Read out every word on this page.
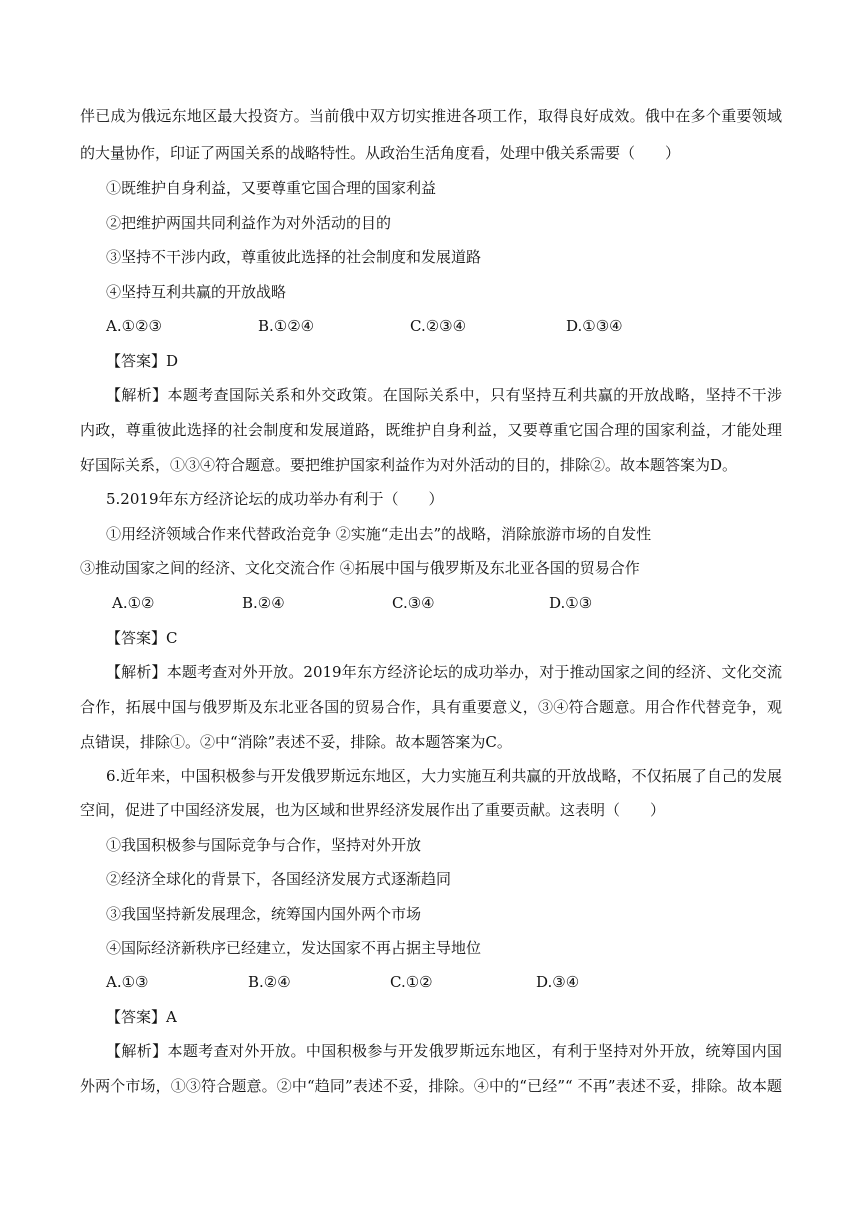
伴已成为俄远东地区最大投资方。当前俄中双方切实推进各项工作，取得良好成效。俄中在多个重要领域
的大量协作，印证了两国关系的战略特性。从政治生活角度看，处理中俄关系需要（　　）
①既维护自身利益，又要尊重它国合理的国家利益
②把维护两国共同利益作为对外活动的目的
③坚持不干涉内政，尊重彼此选择的社会制度和发展道路
④坚持互利共赢的开放战略
A.①②③	B.①②④	C.②③④	D.①③④
【答案】D
【解析】本题考查国际关系和外交政策。在国际关系中，只有坚持互利共赢的开放战略，坚持不干涉
内政，尊重彼此选择的社会制度和发展道路，既维护自身利益，又要尊重它国合理的国家利益，才能处理
好国际关系，①③④符合题意。要把维护国家利益作为对外活动的目的，排除②。故本题答案为D。
5.2019年东方经济论坛的成功举办有利于（　　）
①用经济领域合作来代替政治竞争 ②实施“走出去”的战略，消除旅游市场的自发性
③推动国家之间的经济、文化交流合作 ④拓展中国与俄罗斯及东北亚各国的贸易合作
A.①②	B.②④	C.③④	D.①③
【答案】C
【解析】本题考查对外开放。2019年东方经济论坛的成功举办，对于推动国家之间的经济、文化交流
合作，拓展中国与俄罗斯及东北亚各国的贸易合作，具有重要意义，③④符合题意。用合作代替竞争，观
点错误，排除①。②中“消除”表述不妥，排除。故本题答案为C。
6.近年来，中国积极参与开发俄罗斯远东地区，大力实施互利共赢的开放战略，不仅拓展了自己的发展
空间，促进了中国经济发展，也为区域和世界经济发展作出了重要贡献。这表明（　　）
①我国积极参与国际竞争与合作，坚持对外开放
②经济全球化的背景下，各国经济发展方式逐渐趋同
③我国坚持新发展理念，统筹国内国外两个市场
④国际经济新秩序已经建立，发达国家不再占据主导地位
A.①③	B.②④	C.①②	D.③④
【答案】A
【解析】本题考查对外开放。中国积极参与开发俄罗斯远东地区，有利于坚持对外开放，统筹国内国
外两个市场，①③符合题意。②中“趋同”表述不妥，排除。④中的“已经”“ 不再”表述不妥，排除。故本题
